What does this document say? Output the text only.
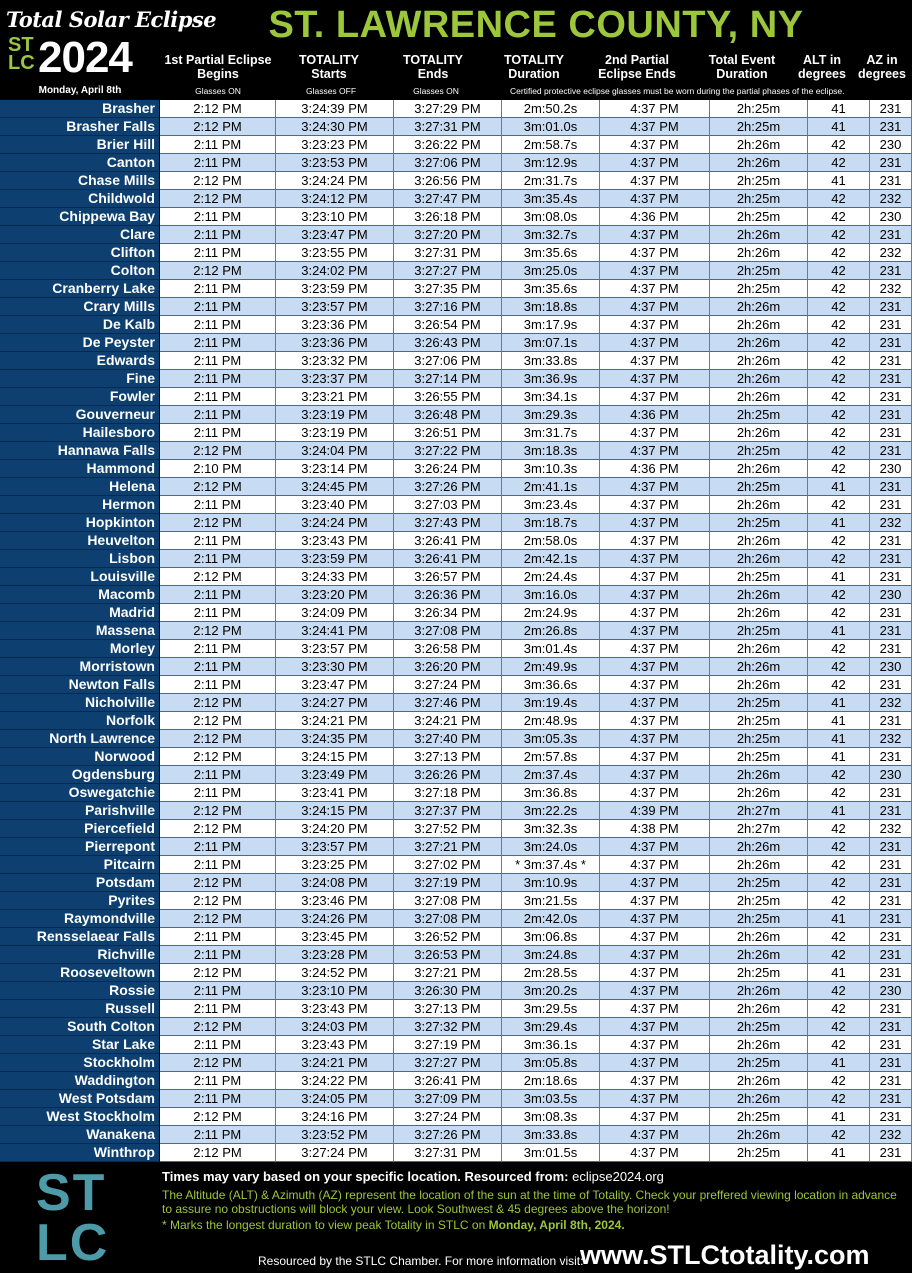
Total Solar Eclipse
ST
LC 2024
Monday, April 8th
ST. LAWRENCE COUNTY, NY
1st Partial Eclipse Begins
TOTALITY Starts
TOTALITY Ends
TOTALITY Duration
2nd Partial Eclipse Ends
Total Event Duration
ALT in degrees
AZ in degrees
Glasses ON	Glasses OFF	Glasses ON	Certified protective eclipse glasses must be worn during the partial phases of the eclipse.
Brasher	2:12 PM	3:24:39 PM	3:27:29 PM	2m:50.2s	4:37 PM	2h:25m	41	231
Brasher Falls	2:12 PM	3:24:30 PM	3:27:31 PM	3m:01.0s	4:37 PM	2h:25m	41	231
Brier Hill	2:11 PM	3:23:23 PM	3:26:22 PM	2m:58.7s	4:37 PM	2h:26m	42	230
Canton	2:11 PM	3:23:53 PM	3:27:06 PM	3m:12.9s	4:37 PM	2h:26m	42	231
Chase Mills	2:12 PM	3:24:24 PM	3:26:56 PM	2m:31.7s	4:37 PM	2h:25m	41	231
Childwold	2:12 PM	3:24:12 PM	3:27:47 PM	3m:35.4s	4:37 PM	2h:25m	42	232
Chippewa Bay	2:11 PM	3:23:10 PM	3:26:18 PM	3m:08.0s	4:36 PM	2h:25m	42	230
Clare	2:11 PM	3:23:47 PM	3:27:20 PM	3m:32.7s	4:37 PM	2h:26m	42	231
Clifton	2:11 PM	3:23:55 PM	3:27:31 PM	3m:35.6s	4:37 PM	2h:26m	42	232
Colton	2:12 PM	3:24:02 PM	3:27:27 PM	3m:25.0s	4:37 PM	2h:25m	42	231
Cranberry Lake	2:11 PM	3:23:59 PM	3:27:35 PM	3m:35.6s	4:37 PM	2h:25m	42	232
Crary Mills	2:11 PM	3:23:57 PM	3:27:16 PM	3m:18.8s	4:37 PM	2h:26m	42	231
De Kalb	2:11 PM	3:23:36 PM	3:26:54 PM	3m:17.9s	4:37 PM	2h:26m	42	231
De Peyster	2:11 PM	3:23:36 PM	3:26:43 PM	3m:07.1s	4:37 PM	2h:26m	42	231
Edwards	2:11 PM	3:23:32 PM	3:27:06 PM	3m:33.8s	4:37 PM	2h:26m	42	231
Fine	2:11 PM	3:23:37 PM	3:27:14 PM	3m:36.9s	4:37 PM	2h:26m	42	231
Fowler	2:11 PM	3:23:21 PM	3:26:55 PM	3m:34.1s	4:37 PM	2h:26m	42	231
Gouverneur	2:11 PM	3:23:19 PM	3:26:48 PM	3m:29.3s	4:36 PM	2h:25m	42	231
Hailesboro	2:11 PM	3:23:19 PM	3:26:51 PM	3m:31.7s	4:37 PM	2h:26m	42	231
Hannawa Falls	2:12 PM	3:24:04 PM	3:27:22 PM	3m:18.3s	4:37 PM	2h:25m	42	231
Hammond	2:10 PM	3:23:14 PM	3:26:24 PM	3m:10.3s	4:36 PM	2h:26m	42	230
Helena	2:12 PM	3:24:45 PM	3:27:26 PM	2m:41.1s	4:37 PM	2h:25m	41	231
Hermon	2:11 PM	3:23:40 PM	3:27:03 PM	3m:23.4s	4:37 PM	2h:26m	42	231
Hopkinton	2:12 PM	3:24:24 PM	3:27:43 PM	3m:18.7s	4:37 PM	2h:25m	41	232
Heuvelton	2:11 PM	3:23:43 PM	3:26:41 PM	2m:58.0s	4:37 PM	2h:26m	42	231
Lisbon	2:11 PM	3:23:59 PM	3:26:41 PM	2m:42.1s	4:37 PM	2h:26m	42	231
Louisville	2:12 PM	3:24:33 PM	3:26:57 PM	2m:24.4s	4:37 PM	2h:25m	41	231
Macomb	2:11 PM	3:23:20 PM	3:26:36 PM	3m:16.0s	4:37 PM	2h:26m	42	230
Madrid	2:11 PM	3:24:09 PM	3:26:34 PM	2m:24.9s	4:37 PM	2h:26m	42	231
Massena	2:12 PM	3:24:41 PM	3:27:08 PM	2m:26.8s	4:37 PM	2h:25m	41	231
Morley	2:11 PM	3:23:57 PM	3:26:58 PM	3m:01.4s	4:37 PM	2h:26m	42	231
Morristown	2:11 PM	3:23:30 PM	3:26:20 PM	2m:49.9s	4:37 PM	2h:26m	42	230
Newton Falls	2:11 PM	3:23:47 PM	3:27:24 PM	3m:36.6s	4:37 PM	2h:26m	42	231
Nicholville	2:12 PM	3:24:27 PM	3:27:46 PM	3m:19.4s	4:37 PM	2h:25m	41	232
Norfolk	2:12 PM	3:24:21 PM	3:24:21 PM	2m:48.9s	4:37 PM	2h:25m	41	231
North Lawrence	2:12 PM	3:24:35 PM	3:27:40 PM	3m:05.3s	4:37 PM	2h:25m	41	232
Norwood	2:12 PM	3:24:15 PM	3:27:13 PM	2m:57.8s	4:37 PM	2h:25m	41	231
Ogdensburg	2:11 PM	3:23:49 PM	3:26:26 PM	2m:37.4s	4:37 PM	2h:26m	42	230
Oswegatchie	2:11 PM	3:23:41 PM	3:27:18 PM	3m:36.8s	4:37 PM	2h:26m	42	231
Parishville	2:12 PM	3:24:15 PM	3:27:37 PM	3m:22.2s	4:39 PM	2h:27m	41	231
Piercefield	2:12 PM	3:24:20 PM	3:27:52 PM	3m:32.3s	4:38 PM	2h:27m	42	232
Pierrepont	2:11 PM	3:23:57 PM	3:27:21 PM	3m:24.0s	4:37 PM	2h:26m	42	231
Pitcairn	2:11 PM	3:23:25 PM	3:27:02 PM	* 3m:37.4s *	4:37 PM	2h:26m	42	231
Potsdam	2:12 PM	3:24:08 PM	3:27:19 PM	3m:10.9s	4:37 PM	2h:25m	42	231
Pyrites	2:12 PM	3:23:46 PM	3:27:08 PM	3m:21.5s	4:37 PM	2h:25m	42	231
Raymondville	2:12 PM	3:24:26 PM	3:27:08 PM	2m:42.0s	4:37 PM	2h:25m	41	231
Rensselaear Falls	2:11 PM	3:23:45 PM	3:26:52 PM	3m:06.8s	4:37 PM	2h:26m	42	231
Richville	2:11 PM	3:23:28 PM	3:26:53 PM	3m:24.8s	4:37 PM	2h:26m	42	231
Rooseveltown	2:12 PM	3:24:52 PM	3:27:21 PM	2m:28.5s	4:37 PM	2h:25m	41	231
Rossie	2:11 PM	3:23:10 PM	3:26:30 PM	3m:20.2s	4:37 PM	2h:26m	42	230
Russell	2:11 PM	3:23:43 PM	3:27:13 PM	3m:29.5s	4:37 PM	2h:26m	42	231
South Colton	2:12 PM	3:24:03 PM	3:27:32 PM	3m:29.4s	4:37 PM	2h:25m	42	231
Star Lake	2:11 PM	3:23:43 PM	3:27:19 PM	3m:36.1s	4:37 PM	2h:26m	42	231
Stockholm	2:12 PM	3:24:21 PM	3:27:27 PM	3m:05.8s	4:37 PM	2h:25m	41	231
Waddington	2:11 PM	3:24:22 PM	3:26:41 PM	2m:18.6s	4:37 PM	2h:26m	42	231
West Potsdam	2:11 PM	3:24:05 PM	3:27:09 PM	3m:03.5s	4:37 PM	2h:26m	42	231
West Stockholm	2:12 PM	3:24:16 PM	3:27:24 PM	3m:08.3s	4:37 PM	2h:25m	41	231
Wanakena	2:11 PM	3:23:52 PM	3:27:26 PM	3m:33.8s	4:37 PM	2h:26m	42	232
Winthrop	2:12 PM	3:27:24 PM	3:27:31 PM	3m:01.5s	4:37 PM	2h:25m	41	231
ST
LC
Times may vary based on your specific location. Resourced from: eclipse2024.org
The Altitude (ALT) & Azimuth (AZ) represent the location of the sun at the time of Totality. Check your preffered viewing location in advance to assure no obstructions will block your view. Look Southwest & 45 degrees above the horizon!
* Marks the longest duration to view peak Totality in STLC on Monday, April 8th, 2024.
Resourced by the STLC Chamber. For more information visit:
www.STLCtotality.com
